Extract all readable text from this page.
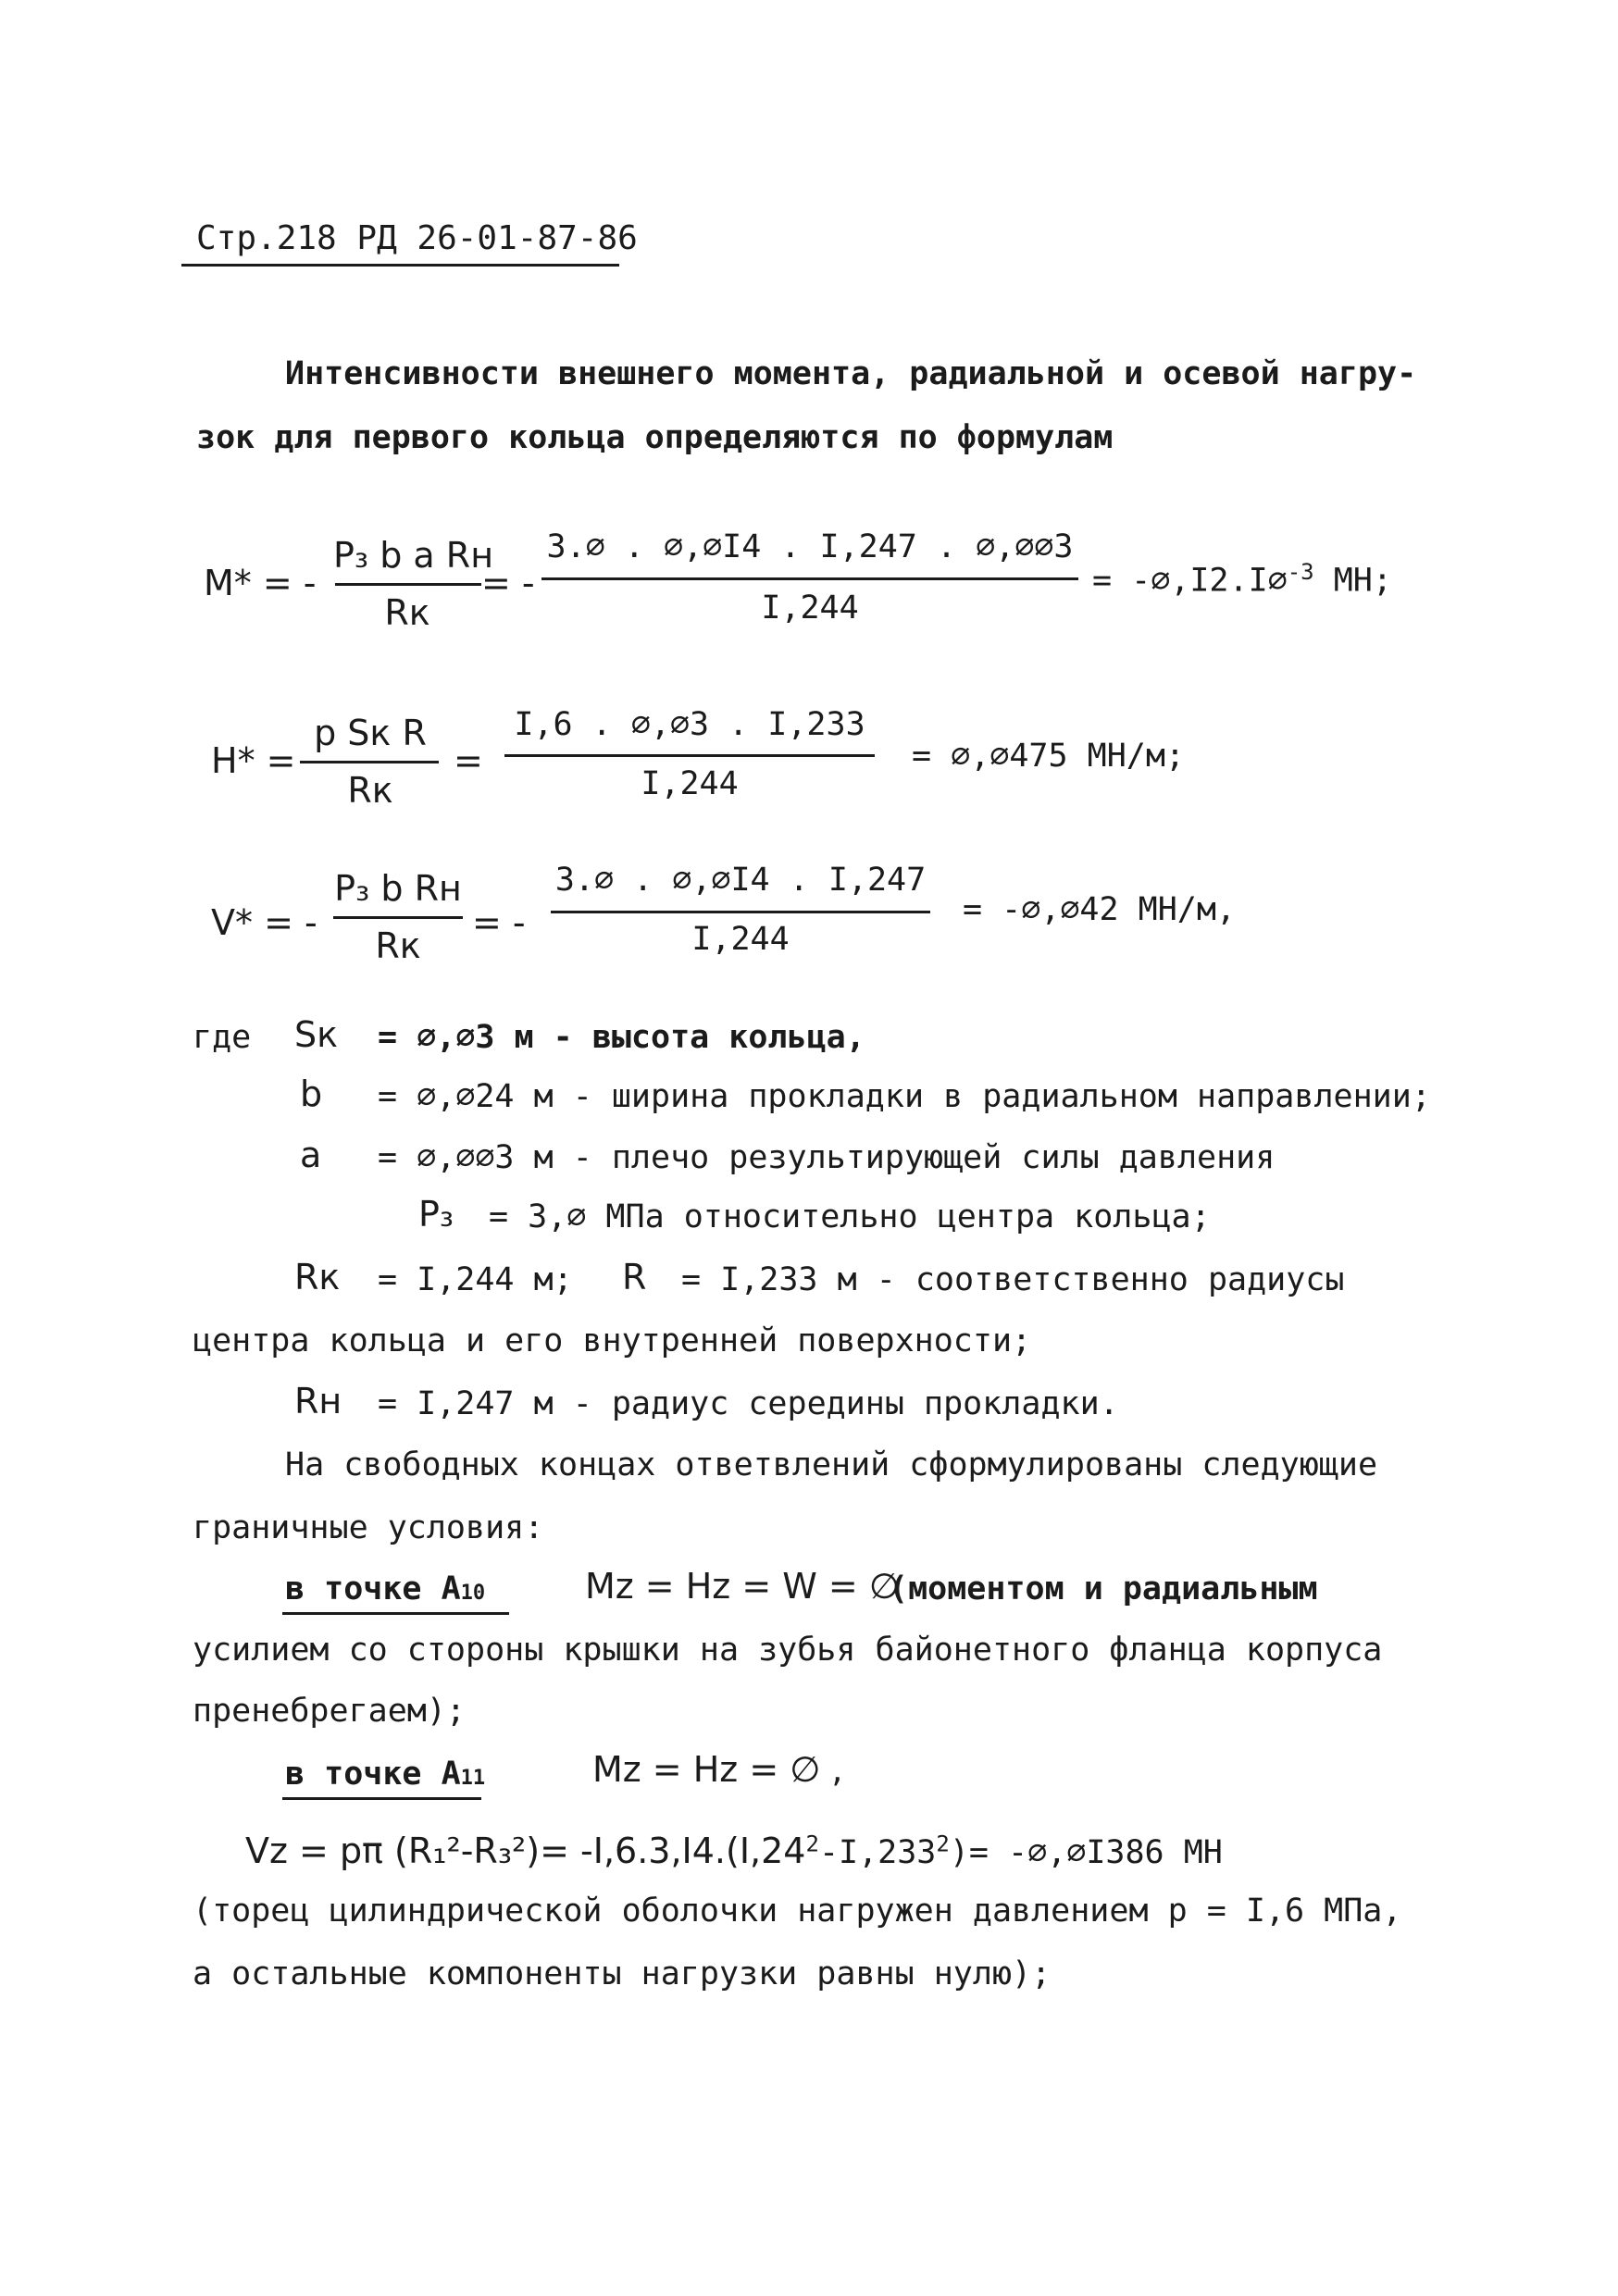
Стр.218 РД 26-01-87-86
Интенсивности внешнего момента, радиальной и осевой нагру-
зок для первого кольца определяются по формулам
M* = -
P₃ b a Rн
Rк
= -
3.∅ . ∅,∅I4 . I,247 . ∅,∅∅3
I,244
= -∅,I2.I∅$^{-3}$ МН;
H* =
p Sк R
Rк
=
I,6 . ∅,∅3 . I,233
I,244
= ∅,∅475 МН/м;
V* = -
P₃ b Rн
Rк
= -
3.∅ . ∅,∅I4 . I,247
I,244
= -∅,∅42 МН/м,
где Sк = ∅,∅3 м - высота кольца,
b = ∅,∅24 м - ширина прокладки в радиальном направлении;
a = ∅,∅∅3 м - плечо результирующей силы давления
P₃ = 3,∅ МПа относительно центра кольца;
Rк = I,244 м; R = I,233 м - соответственно радиусы
центра кольца и его внутренней поверхности;
Rн = I,247 м - радиус середины прокладки.
На свободных концах ответвлений сформулированы следующие
граничные условия:
в точке A10	Mz = Hz = W = ∅
(моментом и радиальным
усилием со стороны крышки на зубья байонетного фланца корпуса
пренебрегаем);
в точке A11	Mz = Hz = ∅ ,
Vz = pπ $(R_1^2-R_3^2)= -I,6.3,I4.(I,24^2-I,233^2)=$ -∅,∅I386 МН
(торец цилиндрической оболочки нагружен давлением p = I,6 МПа,
а остальные компоненты нагрузки равны нулю);
